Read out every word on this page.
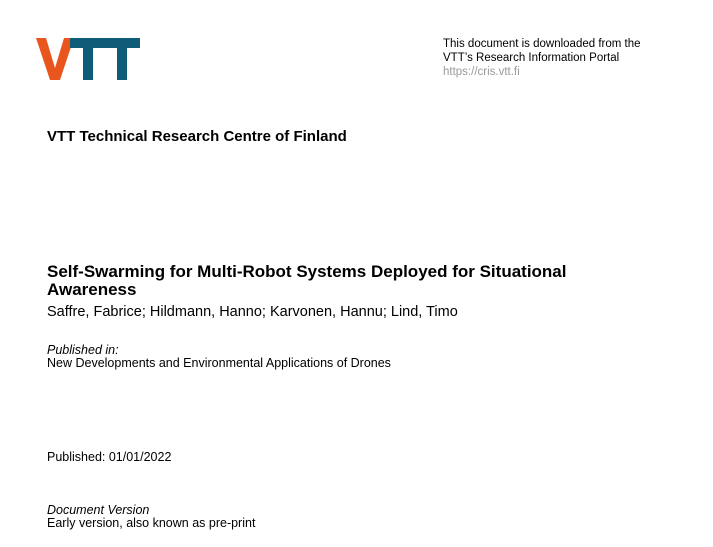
This document is downloaded from the
VTT’s Research Information Portal
https://cris.vtt.fi
VTT Technical Research Centre of Finland
Self-Swarming for Multi-Robot Systems Deployed for Situational
Awareness
Saffre, Fabrice; Hildmann, Hanno; Karvonen, Hannu; Lind, Timo
Published in:
New Developments and Environmental Applications of Drones
Published: 01/01/2022
Document Version
Early version, also known as pre-print
